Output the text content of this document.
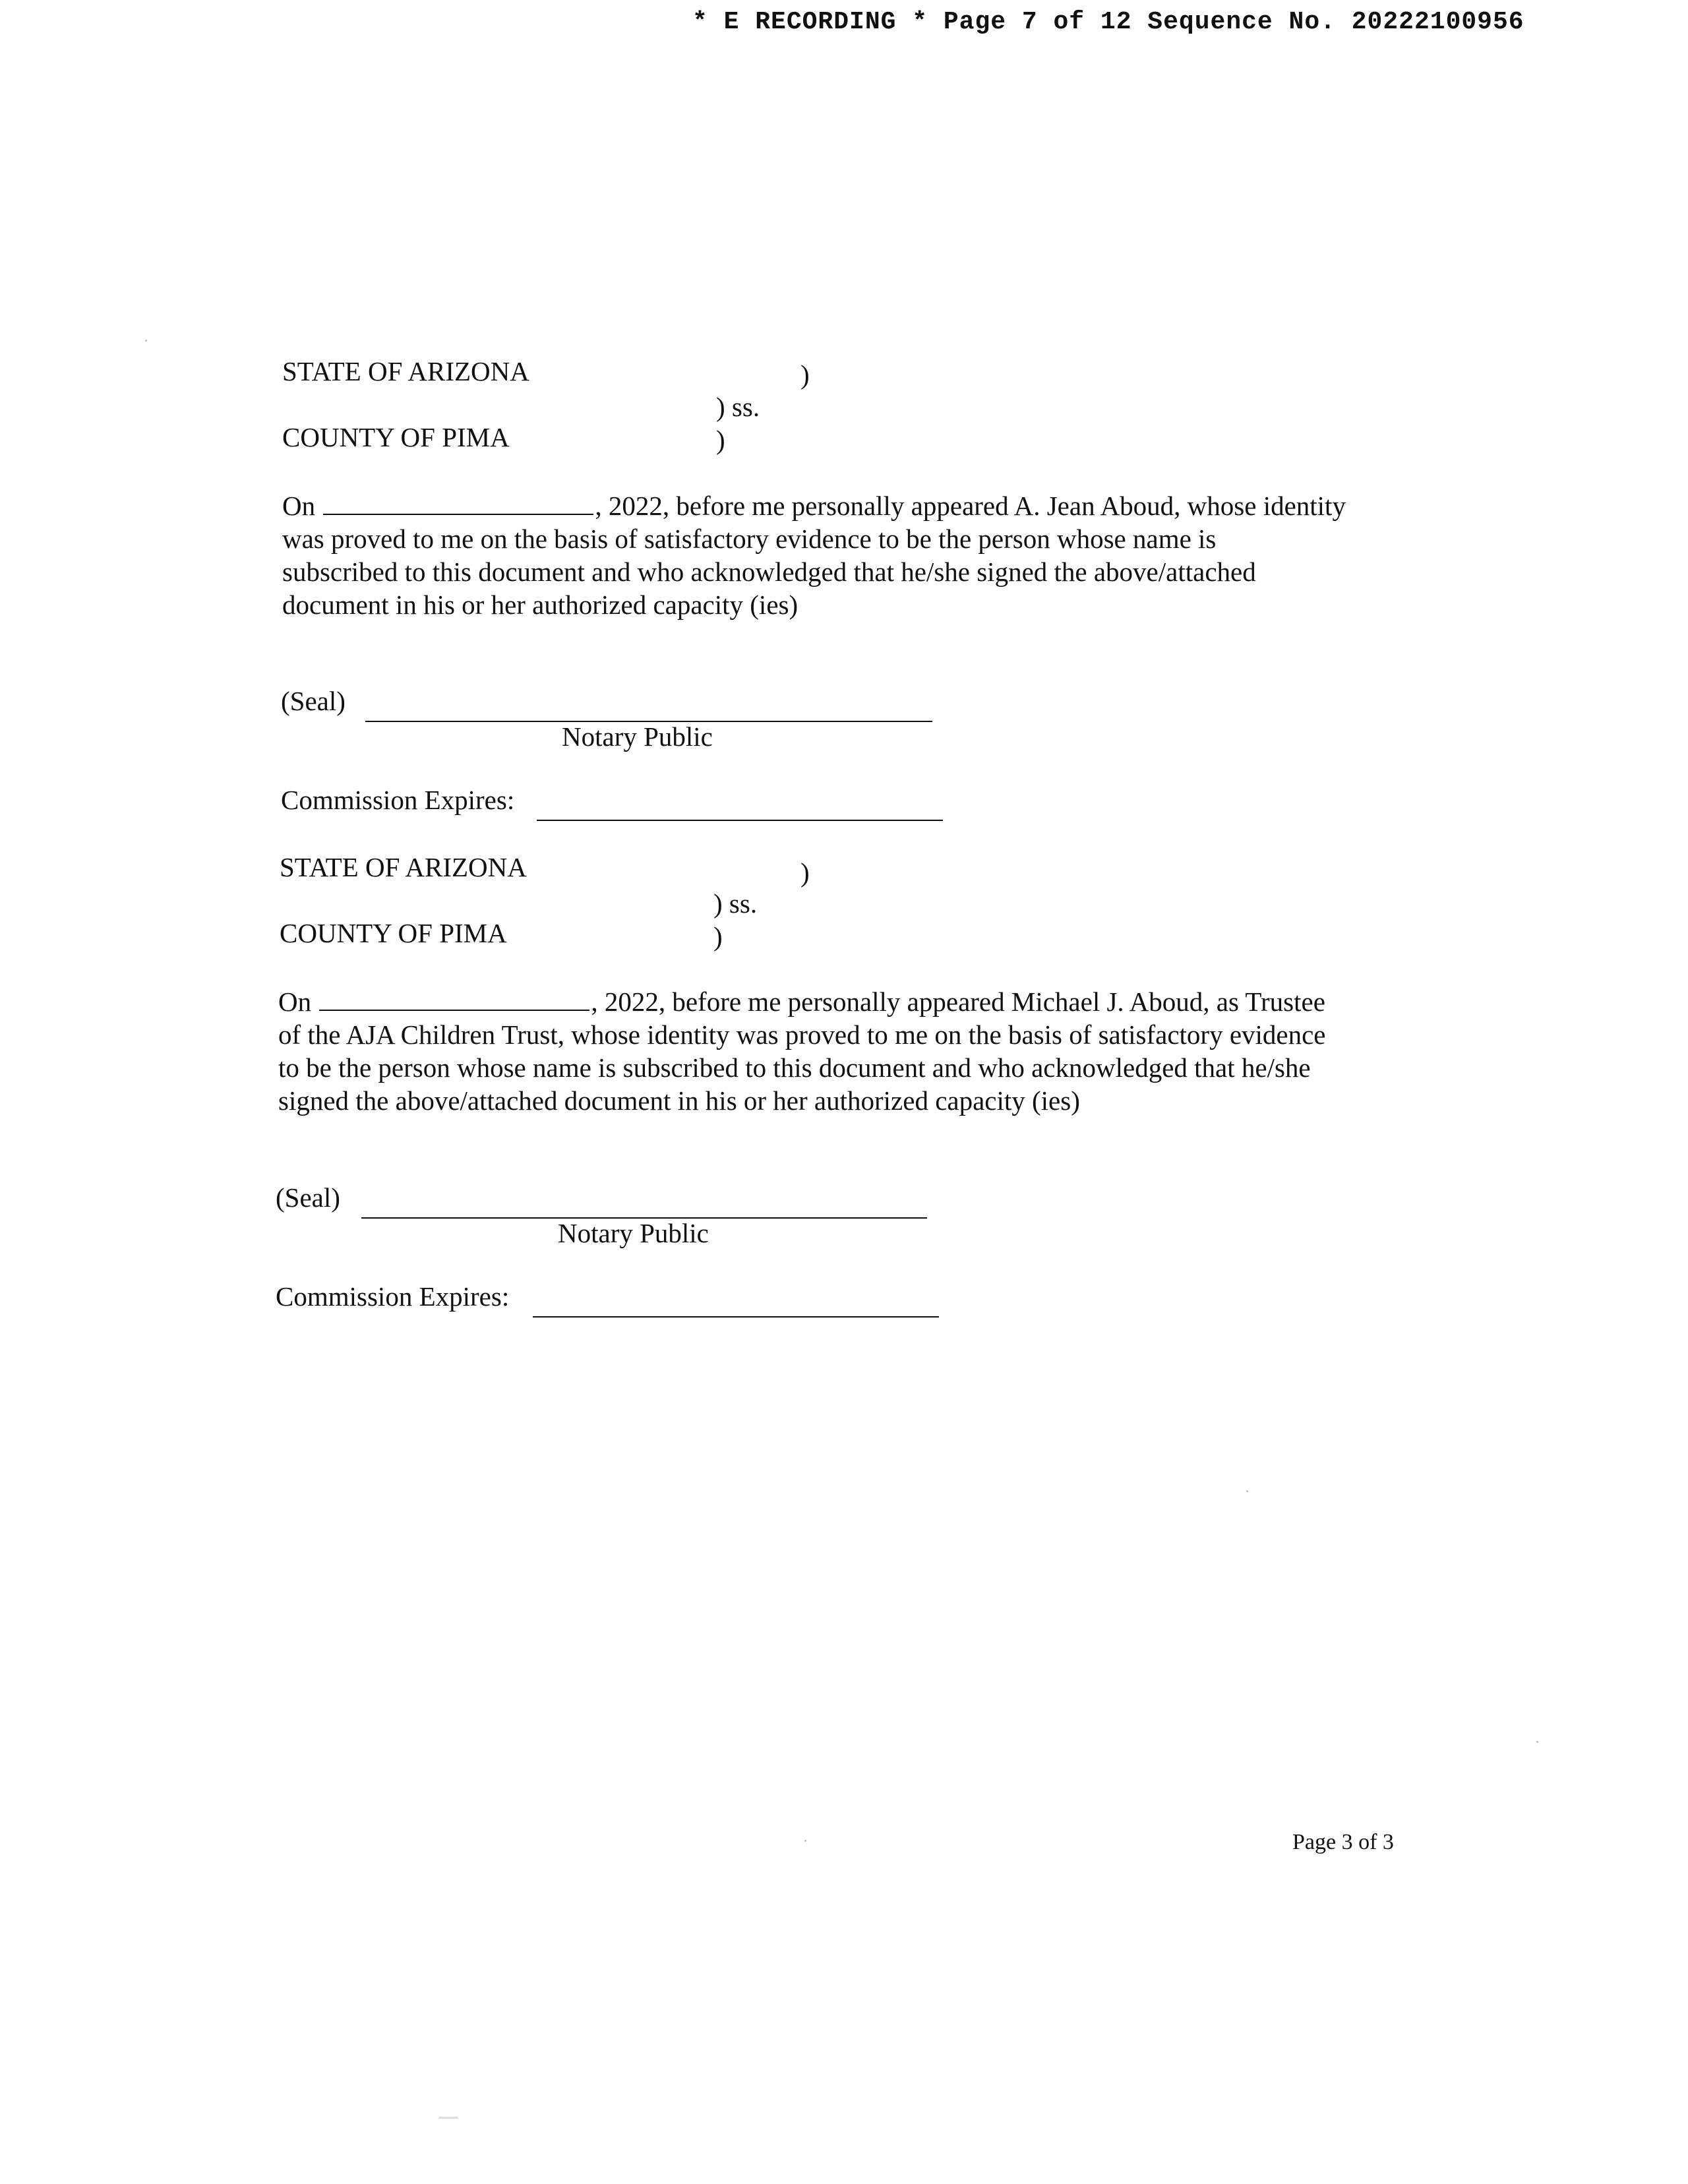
* E RECORDING * Page 7 of 12 Sequence No. 20222100956
STATE OF ARIZONA	)
) ss.
COUNTY OF PIMA	)
On	, 2022, before me personally appeared A. Jean Aboud, whose identity
was proved to me on the basis of satisfactory evidence to be the person whose name is
subscribed to this document and who acknowledged that he/she signed the above/attached
document in his or her authorized capacity (ies)
(Seal)
Notary Public
Commission Expires:
STATE OF ARIZONA	)
) ss.
COUNTY OF PIMA	)
On	, 2022, before me personally appeared Michael J. Aboud, as Trustee
of the AJA Children Trust, whose identity was proved to me on the basis of satisfactory evidence
to be the person whose name is subscribed to this document and who acknowledged that he/she
signed the above/attached document in his or her authorized capacity (ies)
(Seal)
Notary Public
Commission Expires:
Page 3 of 3
